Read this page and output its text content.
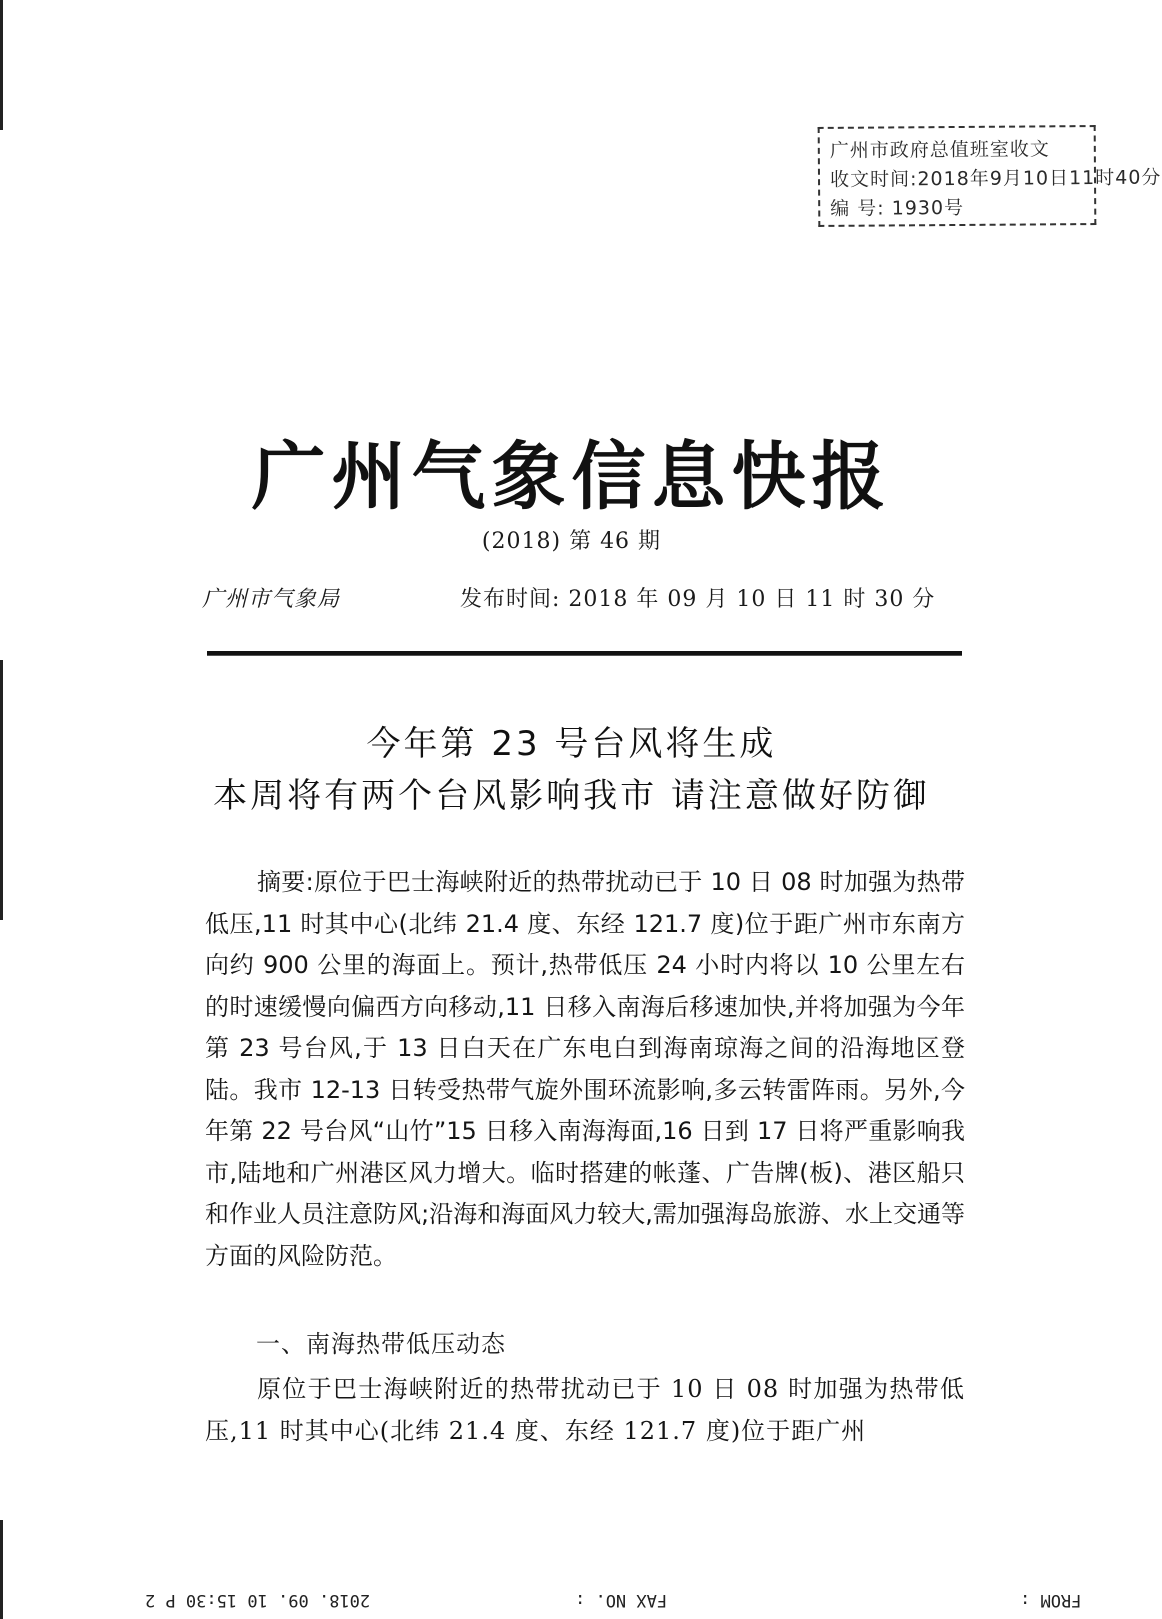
广州市政府总值班室收文
收文时间:2018年9月10日11时40分
编 号: 1930号
广州气象信息快报
(2018) 第 46 期
广州市气象局	发布时间: 2018 年 09 月 10 日 11 时 30 分
今年第 23 号台风将生成
本周将有两个台风影响我市 请注意做好防御
摘要:原位于巴士海峡附近的热带扰动已于 10 日 08 时加强为热带低压,11 时其中心(北纬 21.4 度、东经 121.7 度)位于距广州市东南方向约 900 公里的海面上。预计,热带低压 24 小时内将以 10 公里左右的时速缓慢向偏西方向移动,11 日移入南海后移速加快,并将加强为今年第 23 号台风,于 13 日白天在广东电白到海南琼海之间的沿海地区登陆。我市 12-13 日转受热带气旋外围环流影响,多云转雷阵雨。另外,今年第 22 号台风“山竹”15 日移入南海海面,16 日到 17 日将严重影响我市,陆地和广州港区风力增大。临时搭建的帐蓬、广告牌(板)、港区船只和作业人员注意防风;沿海和海面风力较大,需加强海岛旅游、水上交通等方面的风险防范。
一、南海热带低压动态
原位于巴士海峡附近的热带扰动已于 10 日 08 时加强为热带低压,11 时其中心(北纬 21.4 度、东经 121.7 度)位于距广州
2018. 09. 10 15:30 P 2	FAX NO. :	FROM :
